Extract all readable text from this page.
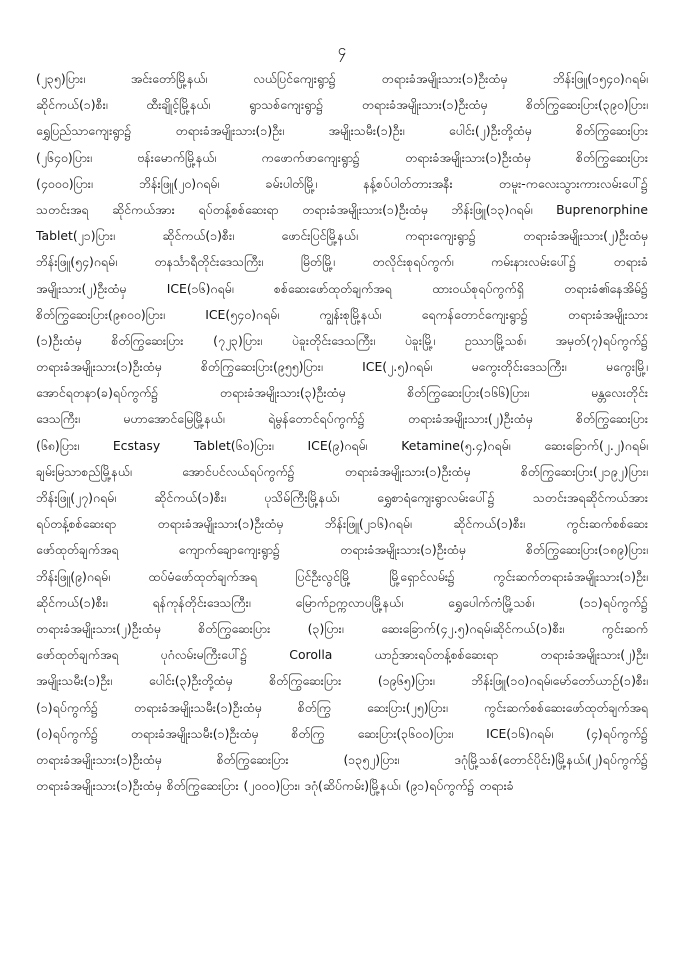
၄
(၂၃၅)ပြား၊ အင်းတော်မြို့နယ်၊ လယ်ပြင်ကျေးရွာ၌ တရားခံအမျိုးသား(၁)ဦးထံမှ ဘိန်းဖြူ(၁၅၄၀)ဂရမ်၊
ဆိုင်ကယ်(၁)စီး၊ ထီးချိုင့်မြို့နယ်၊ ရွာသစ်ကျေးရွာ၌ တရားခံအမျိုးသား(၁)ဦးထံမှ စိတ်ကြွဆေးပြား(၃၉၀)ပြား၊
ရွှေပြည်သာကျေးရွာ၌ တရားခံအမျိုးသား(၁)ဦး၊ အမျိုးသမီး(၁)ဦး၊ ပေါင်း(၂)ဦးတို့ထံမှ စိတ်ကြွဆေးပြား
(၂၆၄၀)ပြား၊ ဗန်းမောက်မြို့နယ်၊ ကဖောက်ဖာကျေးရွာ၌ တရားခံအမျိုးသား(၁)ဦးထံမှ စိတ်ကြွဆေးပြား
(၄၀၀၀)ပြား၊ ဘိန်းဖြူ(၂၀)ဂရမ်၊ ခမ်းပါတ်မြို့၊ နန့်စပ်ပါတ်တားအနီး တမူး-ကလေးသွားကားလမ်းပေါ်၌
သတင်းအရ ဆိုင်ကယ်အား ရပ်တန့်စစ်ဆေးရာ တရားခံအမျိုးသား(၁)ဦးထံမှ ဘိန်းဖြူ(၁၃)ဂရမ်၊ Buprenorphine
Tablet(၂၁)ပြား၊ ဆိုင်ကယ်(၁)စီး၊ ဖောင်းပြင်မြို့နယ်၊ ကရားကျေးရွာ၌ တရားခံအမျိုးသား(၂)ဦးထံမှ
ဘိန်းဖြူ(၅၄)ဂရမ်၊ တနင်္သာရီတိုင်းဒေသကြီး၊ မြိတ်မြို့၊ တလိုင်းစုရပ်ကွက်၊ ကမ်းနားလမ်းပေါ်၌ တရားခံ
အမျိုးသား(၂)ဦးထံမှ ICE(၁၆)ဂရမ်၊ စစ်ဆေးဖော်ထုတ်ချက်အရ ထားဝယ်စုရပ်ကွက်ရှိ တရားခံ၏နေအိမ်၌
စိတ်ကြွဆေးပြား(၉၈၀၀)ပြား၊ ICE(၅၄၀)ဂရမ်၊ ကျွန်းစုမြို့နယ်၊ ရေကန်တောင်ကျေးရွာ၌ တရားခံအမျိုးသား
(၁)ဦးထံမှ စိတ်ကြွဆေးပြား (၇၂၃)ပြား၊ ပဲခူးတိုင်းဒေသကြီး၊ ပဲခူးမြို့၊ ဥဿာမြို့သစ်၊ အမှတ်(၇)ရပ်ကွက်၌
တရားခံအမျိုးသား(၁)ဦးထံမှ စိတ်ကြွဆေးပြား(၉၅၅)ပြား၊ ICE(၂.၅)ဂရမ်၊ မကွေးတိုင်းဒေသကြီး၊ မကွေးမြို့၊
အောင်ရတနာ(ခ)ရပ်ကွက်၌ တရားခံအမျိုးသား(၃)ဦးထံမှ စိတ်ကြွဆေးပြား(၁၆၆)ပြား၊ မန္တလေးတိုင်း
ဒေသကြီး၊ မဟာအောင်မြေမြို့နယ်၊ ရဲမွန်တောင်ရပ်ကွက်၌ တရားခံအမျိုးသား(၂)ဦးထံမှ စိတ်ကြွဆေးပြား
(၆၈)ပြား၊ Ecstasy Tablet(၆၀)ပြား၊ ICE(၉)ဂရမ်၊ Ketamine(၅.၄)ဂရမ်၊ ဆေးခြောက်(၂.၂)ဂရမ်၊
ချမ်းမြသာစည်မြို့နယ်၊ အောင်ပင်လယ်ရပ်ကွက်၌ တရားခံအမျိုးသား(၁)ဦးထံမှ စိတ်ကြွဆေးပြား(၂၁၉၂)ပြား၊
ဘိန်းဖြူ(၂၇)ဂရမ်၊ ဆိုင်ကယ်(၁)စီး၊ ပုသိမ်ကြီးမြို့နယ်၊ ရွှေစာရံကျေးရွာလမ်းပေါ်၌ သတင်းအရဆိုင်ကယ်အား
ရပ်တန့်စစ်ဆေးရာ တရားခံအမျိုးသား(၁)ဦးထံမှ ဘိန်းဖြူ(၂၁၆)ဂရမ်၊ ဆိုင်ကယ်(၁)စီး၊ ကွင်းဆက်စစ်ဆေး
ဖော်ထုတ်ချက်အရ ကျောက်ချောကျေးရွာ၌ တရားခံအမျိုးသား(၁)ဦးထံမှ စိတ်ကြွဆေးပြား(၁၈၉)ပြား၊
ဘိန်းဖြူ(၉)ဂရမ်၊ ထပ်မံဖော်ထုတ်ချက်အရ ပြင်ဦးလွင်မြို့ မြို့ရှောင်လမ်း၌ ကွင်းဆက်တရားခံအမျိုးသား(၁)ဦး၊
ဆိုင်ကယ်(၁)စီး၊ ရန်ကုန်တိုင်းဒေသကြီး၊ မြောက်ဥက္ကလာပမြို့နယ်၊ ရွှေပေါက်ကံမြို့သစ်၊ (၁၁)ရပ်ကွက်၌
တရားခံအမျိုးသား(၂)ဦးထံမှ စိတ်ကြွဆေးပြား (၃)ပြား၊ ဆေးခြောက်(၄၂.၅)ဂရမ်၊ဆိုင်ကယ်(၁)စီး၊ ကွင်းဆက်
ဖော်ထုတ်ချက်အရ ပုဂံလမ်းမကြီးပေါ်၌ Corolla ယာဉ်အားရပ်တန့်စစ်ဆေးရာ တရားခံအမျိုးသား(၂)ဦး၊
အမျိုးသမီး(၁)ဦး၊ ပေါင်း(၃)ဦးတို့ထံမှ စိတ်ကြွဆေးပြား (၁၉၆၅)ပြား၊ ဘိန်းဖြူ(၁၀)ဂရမ်၊မော်တော်ယာဉ်(၁)စီး၊
(၁)ရပ်ကွက်၌ တရားခံအမျိုးသမီး(၁)ဦးထံမှ စိတ်ကြွ ဆေးပြား(၂၅)ပြား၊ ကွင်းဆက်စစ်ဆေးဖော်ထုတ်ချက်အရ
(၀)ရပ်ကွက်၌ တရားခံအမျိုးသမီး(၁)ဦးထံမှ စိတ်ကြွ ဆေးပြား(၃၆၀၀)ပြား၊ ICE(၁၆)ဂရမ်၊ (၄)ရပ်ကွက်၌
တရားခံအမျိုးသား(၁)ဦးထံမှ စိတ်ကြွဆေးပြား (၁၃၅၂)ပြား၊ ဒဂုံမြို့သစ်(တောင်ပိုင်း)မြို့နယ်၊(၂)ရပ်ကွက်၌
တရားခံအမျိုးသား(၁)ဦးထံမှ စိတ်ကြွဆေးပြား (၂၀၀၀)ပြား၊ ဒဂုံ(ဆိပ်ကမ်း)မြို့နယ်၊ (၉၁)ရပ်ကွက်၌ တရားခံ
